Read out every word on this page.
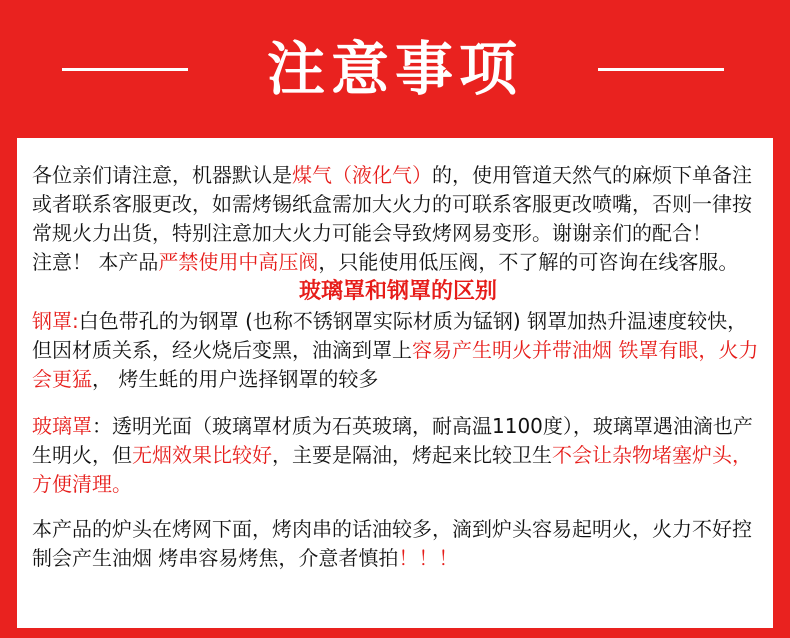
注意事项

各位亲们请注意，机器默认是煤气（液化气）的，使用管道天然气的麻烦下单备注或者联系客服更改，如需烤锡纸盒需加大火力的可联系客服更改喷嘴，否则一律按常规火力出货，特别注意加大火力可能会导致烤网易变形。谢谢亲们的配合！

注意！ 本产品严禁使用中高压阀，只能使用低压阀，不了解的可咨询在线客服。

玻璃罩和钢罩的区别

钢罩:白色带孔的为钢罩 (也称不锈钢罩实际材质为锰钢) 钢罩加热升温速度较快，但因材质关系，经火烧后变黑，油滴到罩上容易产生明火并带油烟 铁罩有眼，火力会更猛， 烤生蚝的用户选择钢罩的较多

玻璃罩：透明光面（玻璃罩材质为石英玻璃，耐高温1100度），玻璃罩遇油滴也产生明火，但无烟效果比较好，主要是隔油，烤起来比较卫生不会让杂物堵塞炉头，方便清理。

本产品的炉头在烤网下面，烤肉串的话油较多，滴到炉头容易起明火，火力不好控制会产生油烟 烤串容易烤焦，介意者慎拍！！！
